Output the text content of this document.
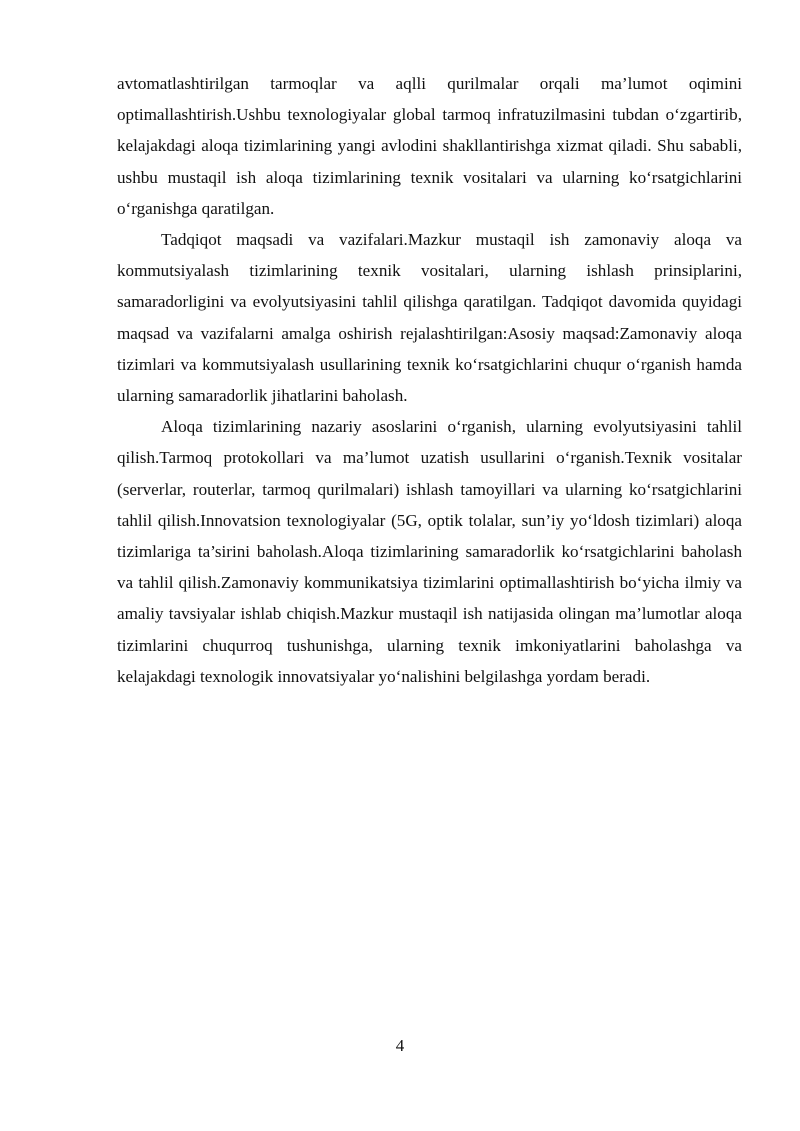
avtomatlashtirilgan tarmoqlar va aqlli qurilmalar orqali ma’lumot oqimini optimallashtirish.Ushbu texnologiyalar global tarmoq infratuzilmasini tubdan o‘zgartirib, kelajakdagi aloqa tizimlarining yangi avlodini shakllantirishga xizmat qiladi. Shu sababli, ushbu mustaqil ish aloqa tizimlarining texnik vositalari va ularning ko‘rsatgichlarini o‘rganishga qaratilgan.

Tadqiqot maqsadi va vazifalari.Mazkur mustaqil ish zamonaviy aloqa va kommutsiyalash tizimlarining texnik vositalari, ularning ishlash prinsiplarini, samaradorligini va evolyutsiyasini tahlil qilishga qaratilgan. Tadqiqot davomida quyidagi maqsad va vazifalarni amalga oshirish rejalashtirilgan:Asosiy maqsad:Zamonaviy aloqa tizimlari va kommutsiyalash usullarining texnik ko‘rsatgichlarini chuqur o‘rganish hamda ularning samaradorlik jihatlarini baholash.

Aloqa tizimlarining nazariy asoslarini o‘rganish, ularning evolyutsiyasini tahlil qilish.Tarmoq protokollari va ma’lumot uzatish usullarini o‘rganish.Texnik vositalar (serverlar, routerlar, tarmoq qurilmalari) ishlash tamoyillari va ularning ko‘rsatgichlarini tahlil qilish.Innovatsion texnologiyalar (5G, optik tolalar, sun’iy yo‘ldosh tizimlari) aloqa tizimlariga ta’sirini baholash.Aloqa tizimlarining samaradorlik ko‘rsatgichlarini baholash va tahlil qilish.Zamonaviy kommunikatsiya tizimlarini optimallashtirish bo‘yicha ilmiy va amaliy tavsiyalar ishlab chiqish.Mazkur mustaqil ish natijasida olingan ma’lumotlar aloqa tizimlarini chuqurroq tushunishga, ularning texnik imkoniyatlarini baholashga va kelajakdagi texnologik innovatsiyalar yo‘nalishini belgilashga yordam beradi.

4
